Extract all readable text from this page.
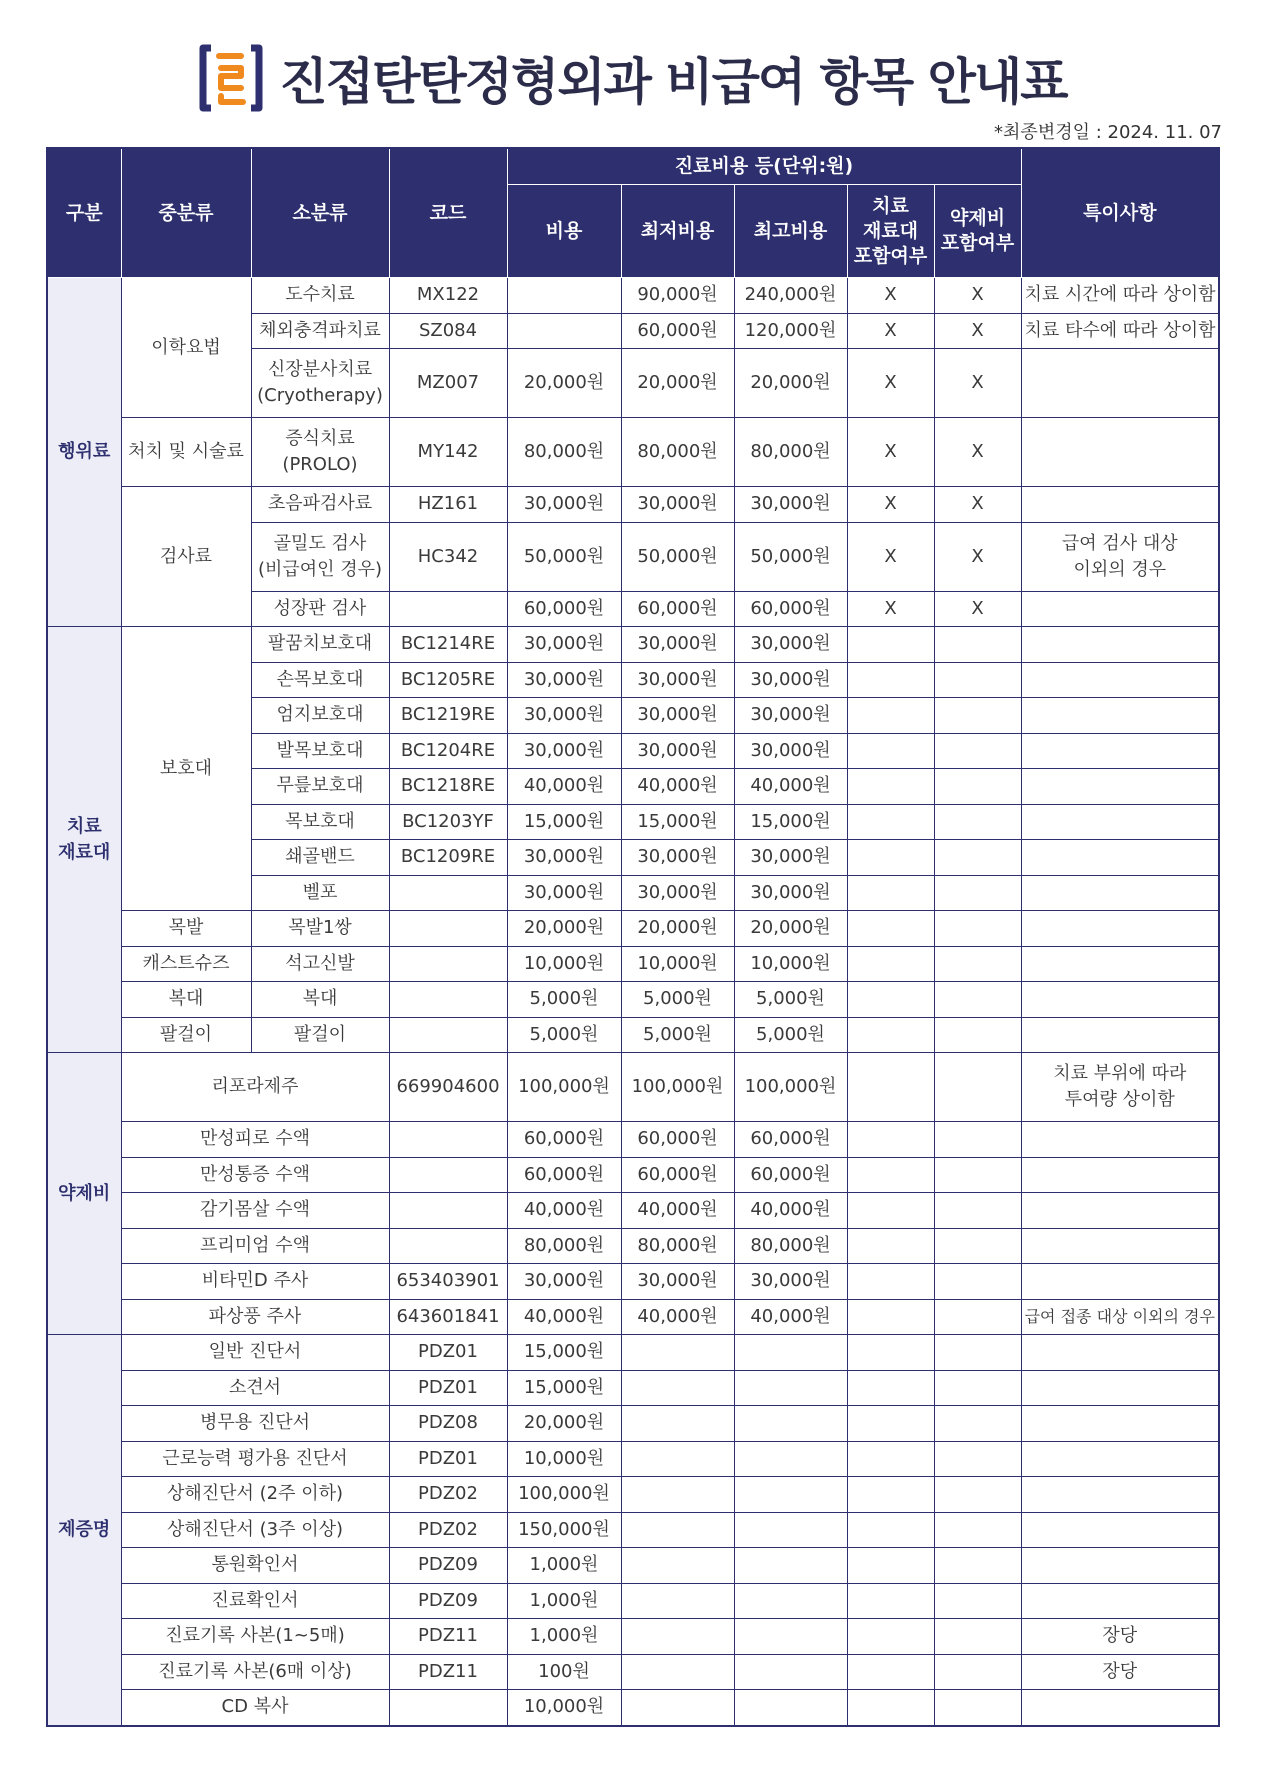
진접탄탄정형외과 비급여 항목 안내표
*최종변경일 : 2024. 11. 07
구분	중분류	소분류	코드	진료비용 등(단위:원)					특이사항
				비용	최저비용	최고비용	치료
재료대
포함여부	약제비
포함여부	
행위료	이학요법	도수치료	MX122		90,000원	240,000원	X	X	치료 시간에 따라 상이함
		체외충격파치료	SZ084		60,000원	120,000원	X	X	치료 타수에 따라 상이함
		신장분사치료
(Cryotherapy)	MZ007	20,000원	20,000원	20,000원	X	X	
	처치 및 시술료	증식치료
(PROLO)	MY142	80,000원	80,000원	80,000원	X	X	
	검사료	초음파검사료	HZ161	30,000원	30,000원	30,000원	X	X	
		골밀도 검사
(비급여인 경우)	HC342	50,000원	50,000원	50,000원	X	X	급여 검사 대상
이외의 경우
		성장판 검사		60,000원	60,000원	60,000원	X	X	
치료
재료대	보호대	팔꿈치보호대	BC1214RE	30,000원	30,000원	30,000원			
		손목보호대	BC1205RE	30,000원	30,000원	30,000원			
		엄지보호대	BC1219RE	30,000원	30,000원	30,000원			
		발목보호대	BC1204RE	30,000원	30,000원	30,000원			
		무릎보호대	BC1218RE	40,000원	40,000원	40,000원			
		목보호대	BC1203YF	15,000원	15,000원	15,000원			
		쇄골밴드	BC1209RE	30,000원	30,000원	30,000원			
		벨포		30,000원	30,000원	30,000원			
	목발	목발1쌍		20,000원	20,000원	20,000원			
	캐스트슈즈	석고신발		10,000원	10,000원	10,000원			
	복대	복대		5,000원	5,000원	5,000원			
	팔걸이	팔걸이		5,000원	5,000원	5,000원			
약제비	리포라제주		669904600	100,000원	100,000원	100,000원			치료 부위에 따라
투여량 상이함
	만성피로 수액			60,000원	60,000원	60,000원			
	만성통증 수액			60,000원	60,000원	60,000원			
	감기몸살 수액			40,000원	40,000원	40,000원			
	프리미엄 수액			80,000원	80,000원	80,000원			
	비타민D 주사		653403901	30,000원	30,000원	30,000원			
	파상풍 주사		643601841	40,000원	40,000원	40,000원			급여 접종 대상 이외의 경우
제증명	일반 진단서		PDZ01	15,000원					
	소견서		PDZ01	15,000원					
	병무용 진단서		PDZ08	20,000원					
	근로능력 평가용 진단서		PDZ01	10,000원					
	상해진단서 (2주 이하)		PDZ02	100,000원					
	상해진단서 (3주 이상)		PDZ02	150,000원					
	통원확인서		PDZ09	1,000원					
	진료확인서		PDZ09	1,000원					
	진료기록 사본(1~5매)		PDZ11	1,000원					장당
	진료기록 사본(6매 이상)		PDZ11	100원					장당
	CD 복사			10,000원					
